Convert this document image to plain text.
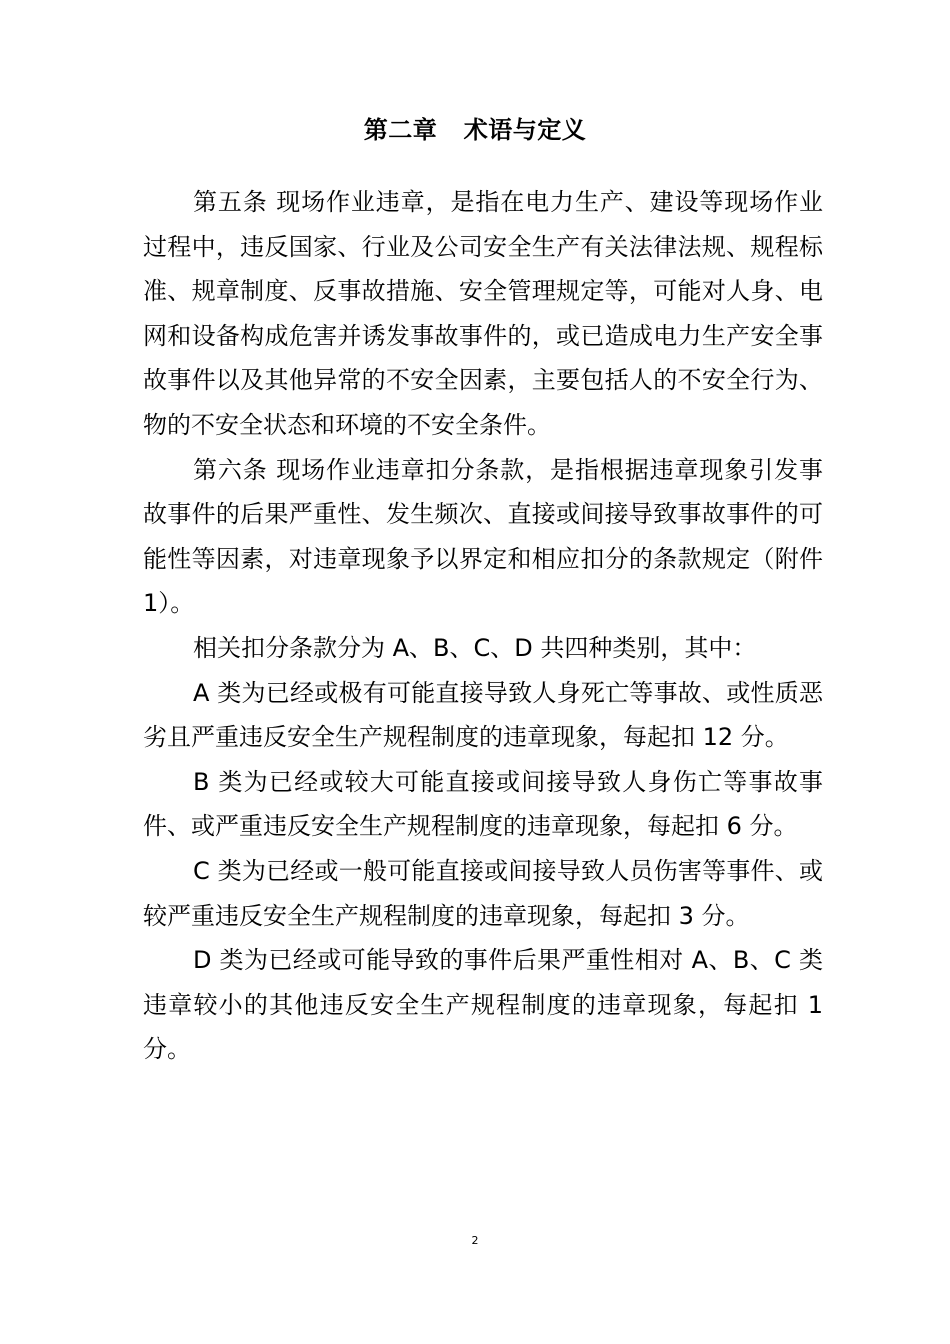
第二章   术语与定义

第五条 现场作业违章，是指在电力生产、建设等现场作业过程中，违反国家、行业及公司安全生产有关法律法规、规程标准、规章制度、反事故措施、安全管理规定等，可能对人身、电网和设备构成危害并诱发事故事件的，或已造成电力生产安全事故事件以及其他异常的不安全因素，主要包括人的不安全行为、物的不安全状态和环境的不安全条件。

第六条 现场作业违章扣分条款，是指根据违章现象引发事故事件的后果严重性、发生频次、直接或间接导致事故事件的可能性等因素，对违章现象予以界定和相应扣分的条款规定（附件 1）。

相关扣分条款分为 A、B、C、D 共四种类别，其中：

A 类为已经或极有可能直接导致人身死亡等事故、或性质恶劣且严重违反安全生产规程制度的违章现象，每起扣 12 分。

B 类为已经或较大可能直接或间接导致人身伤亡等事故事件、或严重违反安全生产规程制度的违章现象，每起扣 6 分。

C 类为已经或一般可能直接或间接导致人员伤害等事件、或较严重违反安全生产规程制度的违章现象，每起扣 3 分。

D 类为已经或可能导致的事件后果严重性相对 A、B、C 类违章较小的其他违反安全生产规程制度的违章现象，每起扣 1 分。

2
